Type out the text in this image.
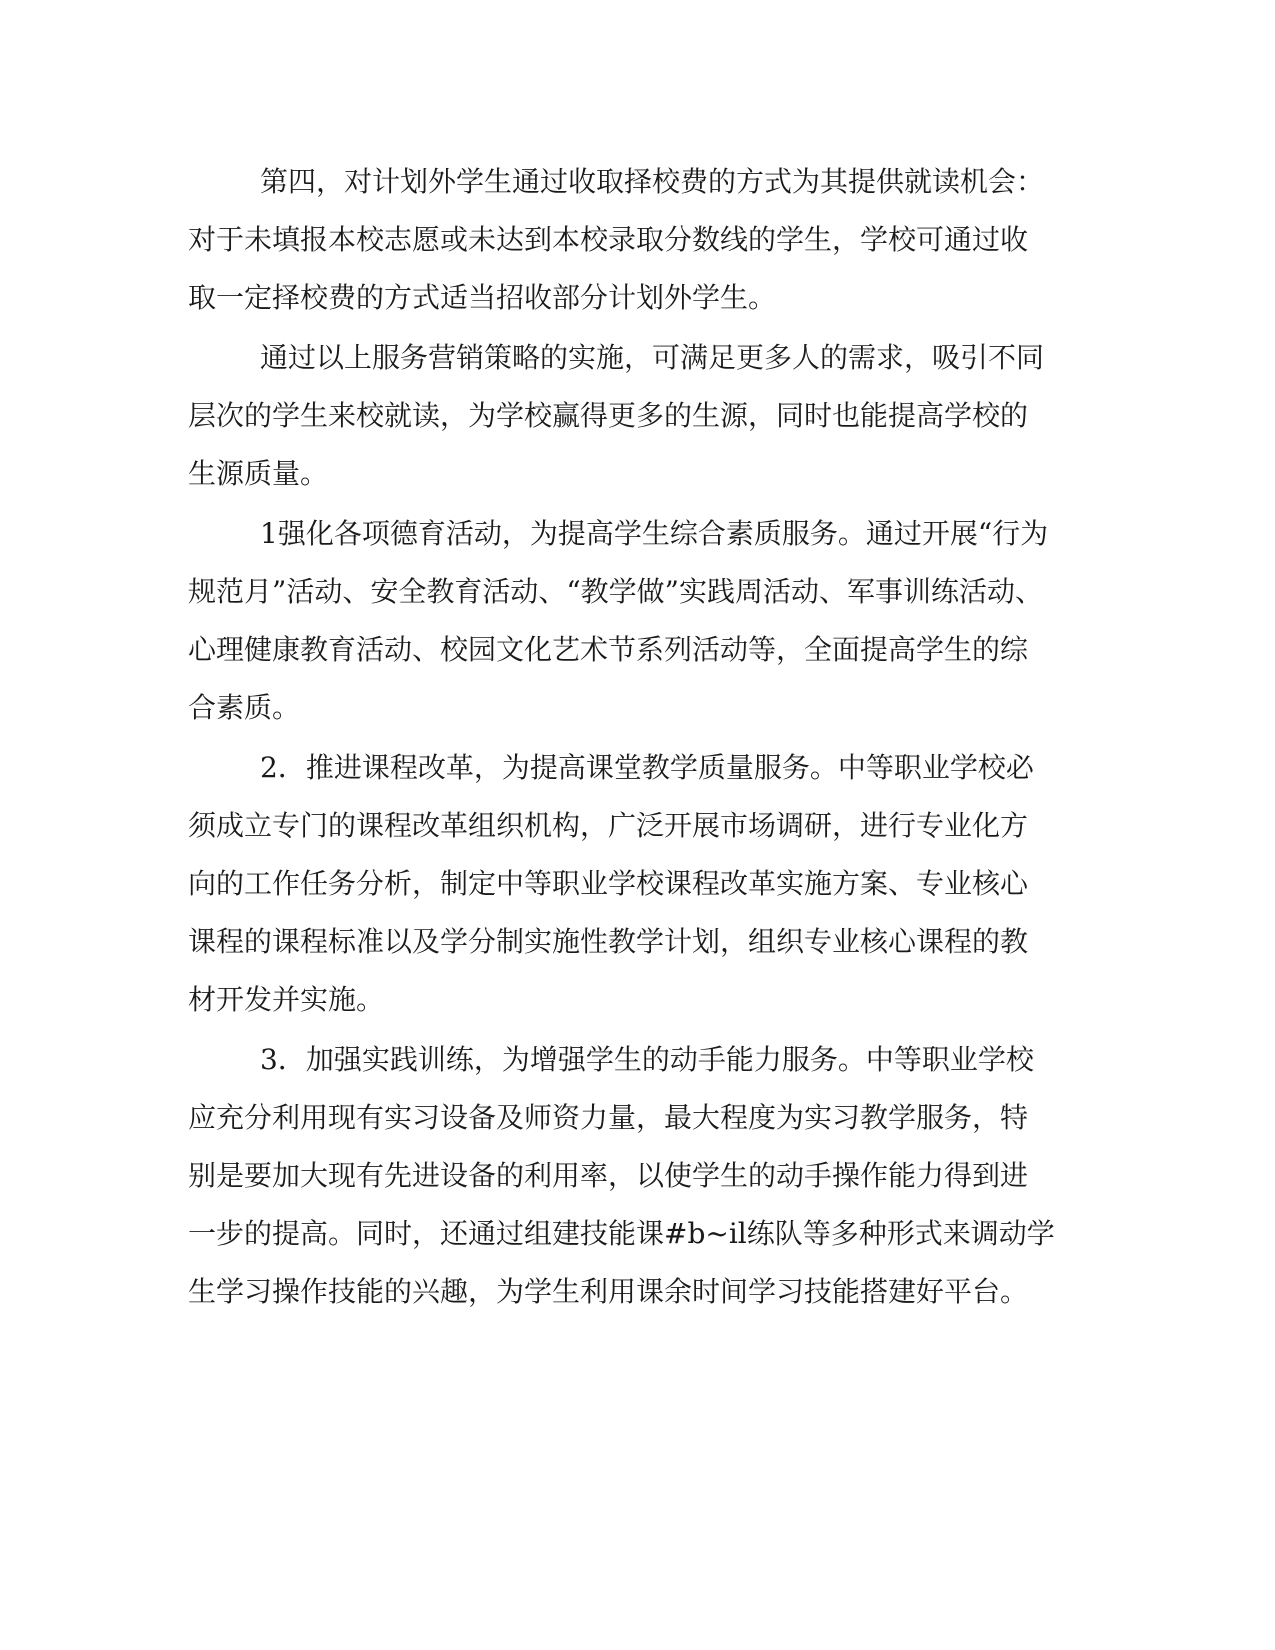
第四，对计划外学生通过收取择校费的方式为其提供就读机会：
对于未填报本校志愿或未达到本校录取分数线的学生，学校可通过收
取一定择校费的方式适当招收部分计划外学生。
通过以上服务营销策略的实施，可满足更多人的需求，吸引不同
层次的学生来校就读，为学校赢得更多的生源，同时也能提高学校的
生源质量。
1强化各项德育活动，为提高学生综合素质服务。通过开展“行为
规范月”活动、安全教育活动、“教学做”实践周活动、军事训练活动、
心理健康教育活动、校园文化艺术节系列活动等，全面提高学生的综
合素质。
2．推进课程改革，为提高课堂教学质量服务。中等职业学校必
须成立专门的课程改革组织机构，广泛开展市场调研，进行专业化方
向的工作任务分析，制定中等职业学校课程改革实施方案、专业核心
课程的课程标准以及学分制实施性教学计划，组织专业核心课程的教
材开发并实施。
3．加强实践训练，为增强学生的动手能力服务。中等职业学校
应充分利用现有实习设备及师资力量，最大程度为实习教学服务，特
别是要加大现有先进设备的利用率，以使学生的动手操作能力得到进
一步的提高。同时，还通过组建技能课#b~il练队等多种形式来调动学
生学习操作技能的兴趣，为学生利用课余时间学习技能搭建好平台。
